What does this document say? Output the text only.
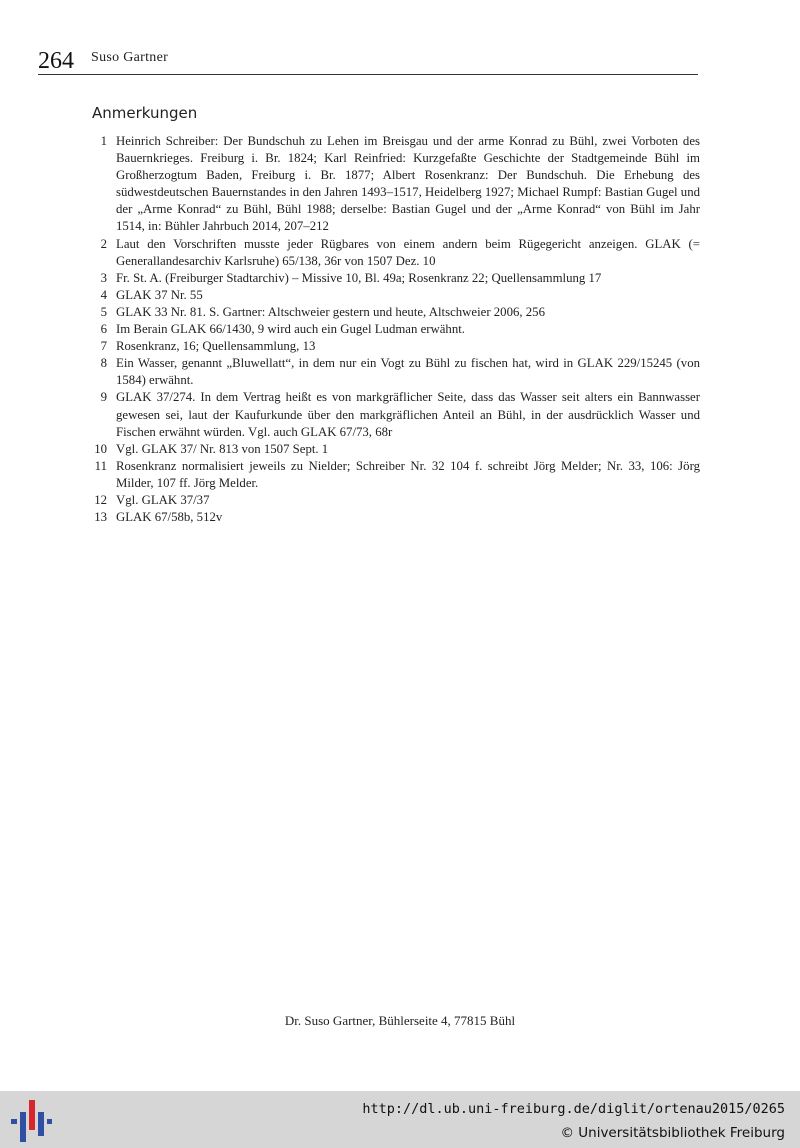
264 Suso Gartner
Anmerkungen
1 Heinrich Schreiber: Der Bundschuh zu Lehen im Breisgau und der arme Konrad zu Bühl, zwei Vorboten des Bauernkrieges. Freiburg i. Br. 1824; Karl Reinfried: Kurzgefaßte Geschichte der Stadtgemeinde Bühl im Großherzogtum Baden, Freiburg i. Br. 1877; Albert Rosenkranz: Der Bundschuh. Die Erhebung des südwestdeutschen Bauernstandes in den Jahren 1493–1517, Heidelberg 1927; Michael Rumpf: Bastian Gugel und der „Arme Konrad“ zu Bühl, Bühl 1988; derselbe: Bastian Gugel und der „Arme Konrad“ von Bühl im Jahr 1514, in: Bühler Jahrbuch 2014, 207–212
2 Laut den Vorschriften musste jeder Rügbares von einem andern beim Rügegericht anzeigen. GLAK (= Generallandesarchiv Karlsruhe) 65/138, 36r von 1507 Dez. 10
3 Fr. St. A. (Freiburger Stadtarchiv) – Missive 10, Bl. 49a; Rosenkranz 22; Quellensammlung 17
4 GLAK 37 Nr. 55
5 GLAK 33 Nr. 81. S. Gartner: Altschweier gestern und heute, Altschweier 2006, 256
6 Im Berain GLAK 66/1430, 9 wird auch ein Gugel Ludman erwähnt.
7 Rosenkranz, 16; Quellensammlung, 13
8 Ein Wasser, genannt „Bluwellatt“, in dem nur ein Vogt zu Bühl zu fischen hat, wird in GLAK 229/15245 (von 1584) erwähnt.
9 GLAK 37/274. In dem Vertrag heißt es von markgräflicher Seite, dass das Wasser seit alters ein Bannwasser gewesen sei, laut der Kaufurkunde über den markgräflichen Anteil an Bühl, in der ausdrücklich Wasser und Fischen erwähnt würden. Vgl. auch GLAK 67/73, 68r
10 Vgl. GLAK 37/ Nr. 813 von 1507 Sept. 1
11 Rosenkranz normalisiert jeweils zu Nielder; Schreiber Nr. 32 104 f. schreibt Jörg Melder; Nr. 33, 106: Jörg Milder, 107 ff. Jörg Melder.
12 Vgl. GLAK 37/37
13 GLAK 67/58b, 512v
Dr. Suso Gartner, Bühlerseite 4, 77815 Bühl
http://dl.ub.uni-freiburg.de/diglit/ortenau2015/0265
© Universitätsbibliothek Freiburg
